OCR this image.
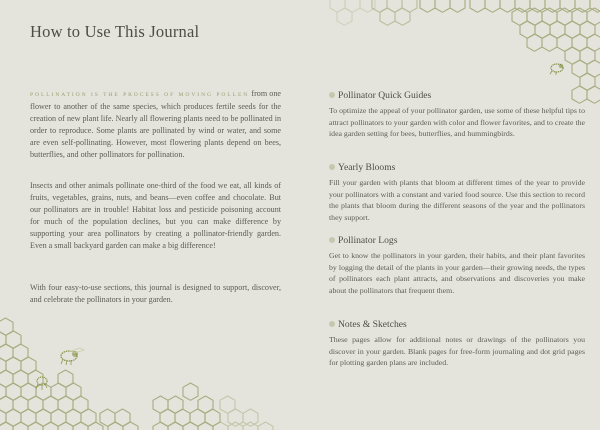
How to Use This Journal

POLLINATION IS THE PROCESS OF MOVING POLLEN from one flower to another of the same species, which produces fertile seeds for the creation of new plant life. Nearly all flowering plants need to be pollinated in order to reproduce. Some plants are pollinated by wind or water, and some are even self-pollinating. However, most flowering plants depend on bees, butterflies, and other pollinators for pollination.

Insects and other animals pollinate one-third of the food we eat, all kinds of fruits, vegetables, grains, nuts, and beans—even coffee and chocolate. But our pollinators are in trouble! Habitat loss and pesticide poisoning account for much of the population declines, but you can make difference by supporting your area pollinators by creating a pollinator-friendly garden. Even a small backyard garden can make a big difference!

With four easy-to-use sections, this journal is designed to support, discover, and celebrate the pollinators in your garden.

Pollinator Quick Guides

To optimize the appeal of your pollinator garden, use some of these helpful tips to attract pollinators to your garden with color and flower favorites, and to create the idea garden setting for bees, butterflies, and hummingbirds.

Yearly Blooms

Fill your garden with plants that bloom at different times of the year to provide your pollinators with a constant and varied food source. Use this section to record the plants that bloom during the different seasons of the year and the pollinators they support.

Pollinator Logs

Get to know the pollinators in your garden, their habits, and their plant favorites by logging the detail of the plants in your garden—their growing needs, the types of pollinators each plant attracts, and observations and discoveries you make about the pollinators that frequent them.

Notes & Sketches

These pages allow for additional notes or drawings of the pollinators you discover in your garden. Blank pages for free-form journaling and dot grid pages for plotting garden plans are included.
